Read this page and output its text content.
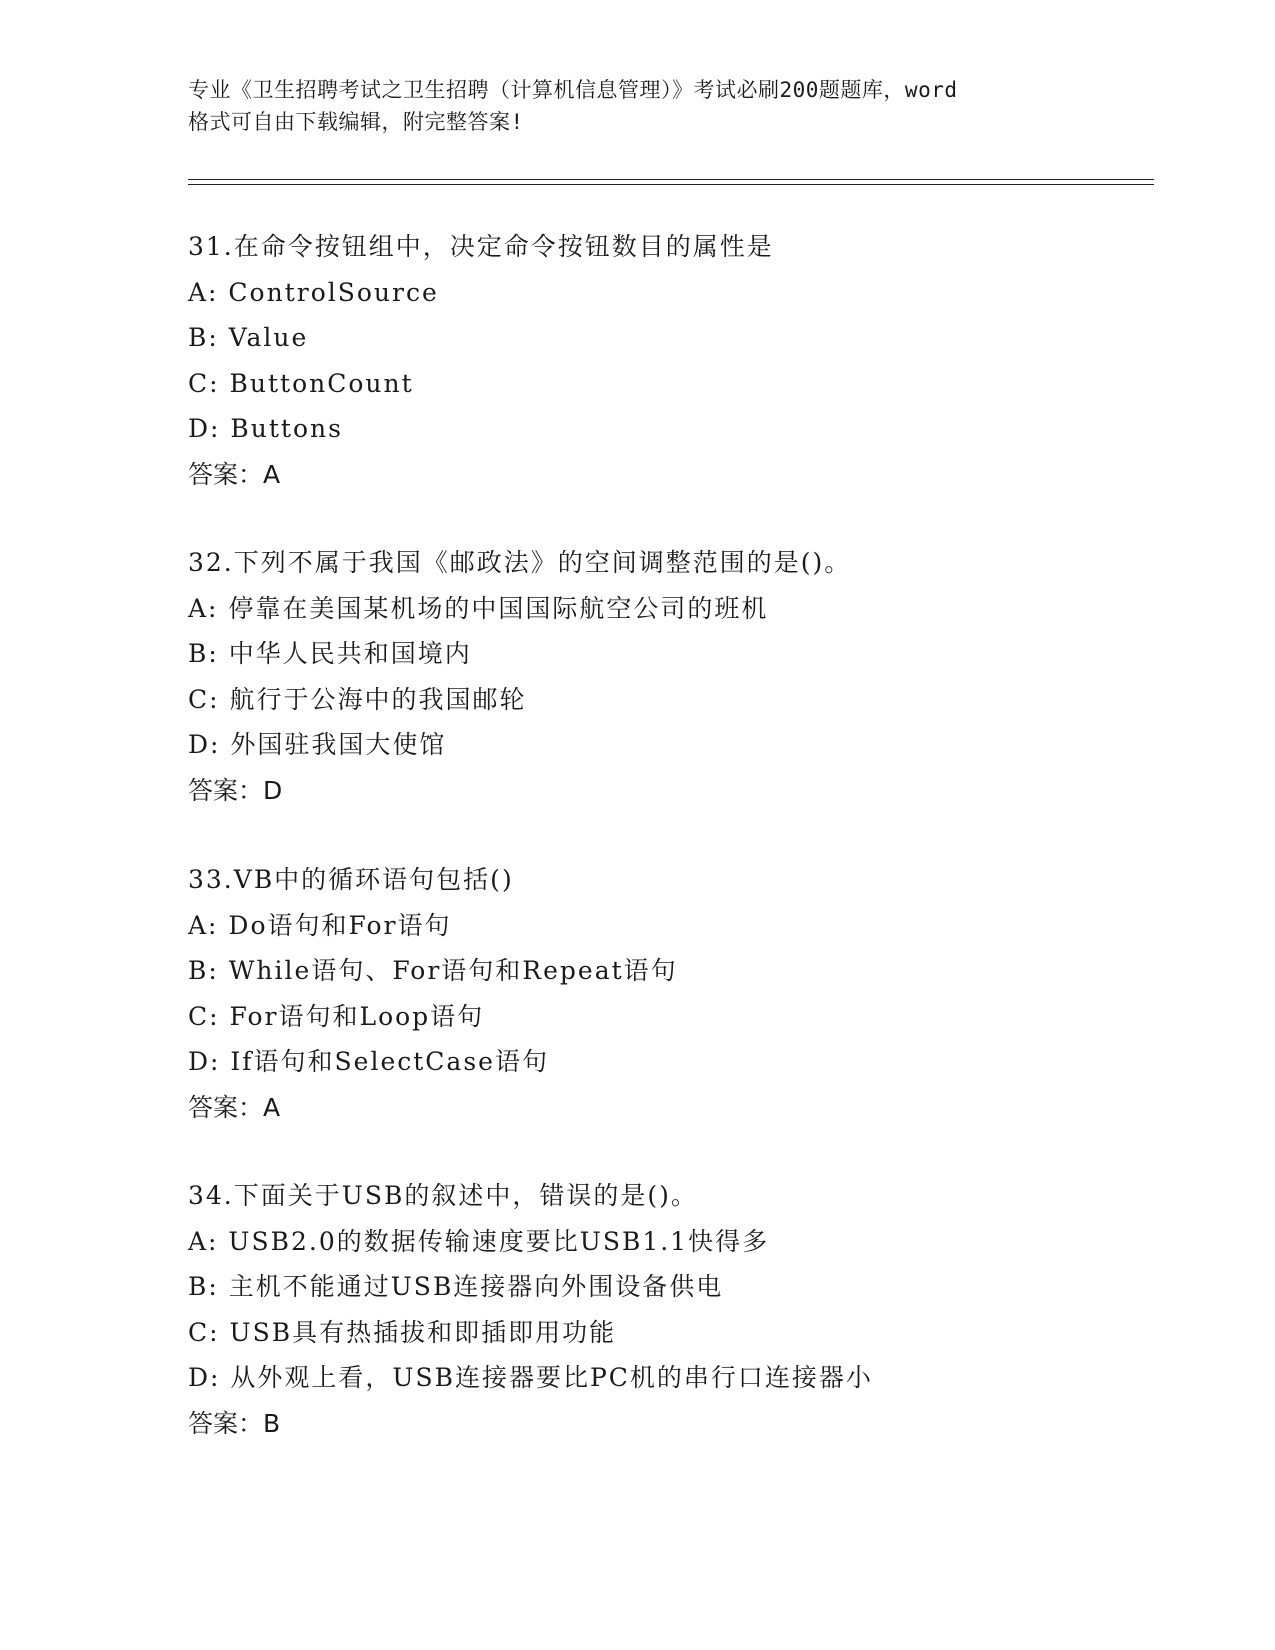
专业《卫生招聘考试之卫生招聘（计算机信息管理）》考试必刷200题题库，word
格式可自由下载编辑，附完整答案!
31.在命令按钮组中，决定命令按钮数目的属性是
A: ControlSource
B: Value
C: ButtonCount
D: Buttons
答案：A
32.下列不属于我国《邮政法》的空间调整范围的是()。
A: 停靠在美国某机场的中国国际航空公司的班机
B: 中华人民共和国境内
C: 航行于公海中的我国邮轮
D: 外国驻我国大使馆
答案：D
33.VB中的循环语句包括()
A: Do语句和For语句
B: While语句、For语句和Repeat语句
C: For语句和Loop语句
D: If语句和SelectCase语句
答案：A
34.下面关于USB的叙述中，错误的是()。
A: USB2.0的数据传输速度要比USB1.1快得多
B: 主机不能通过USB连接器向外围设备供电
C: USB具有热插拔和即插即用功能
D: 从外观上看，USB连接器要比PC机的串行口连接器小
答案：B
